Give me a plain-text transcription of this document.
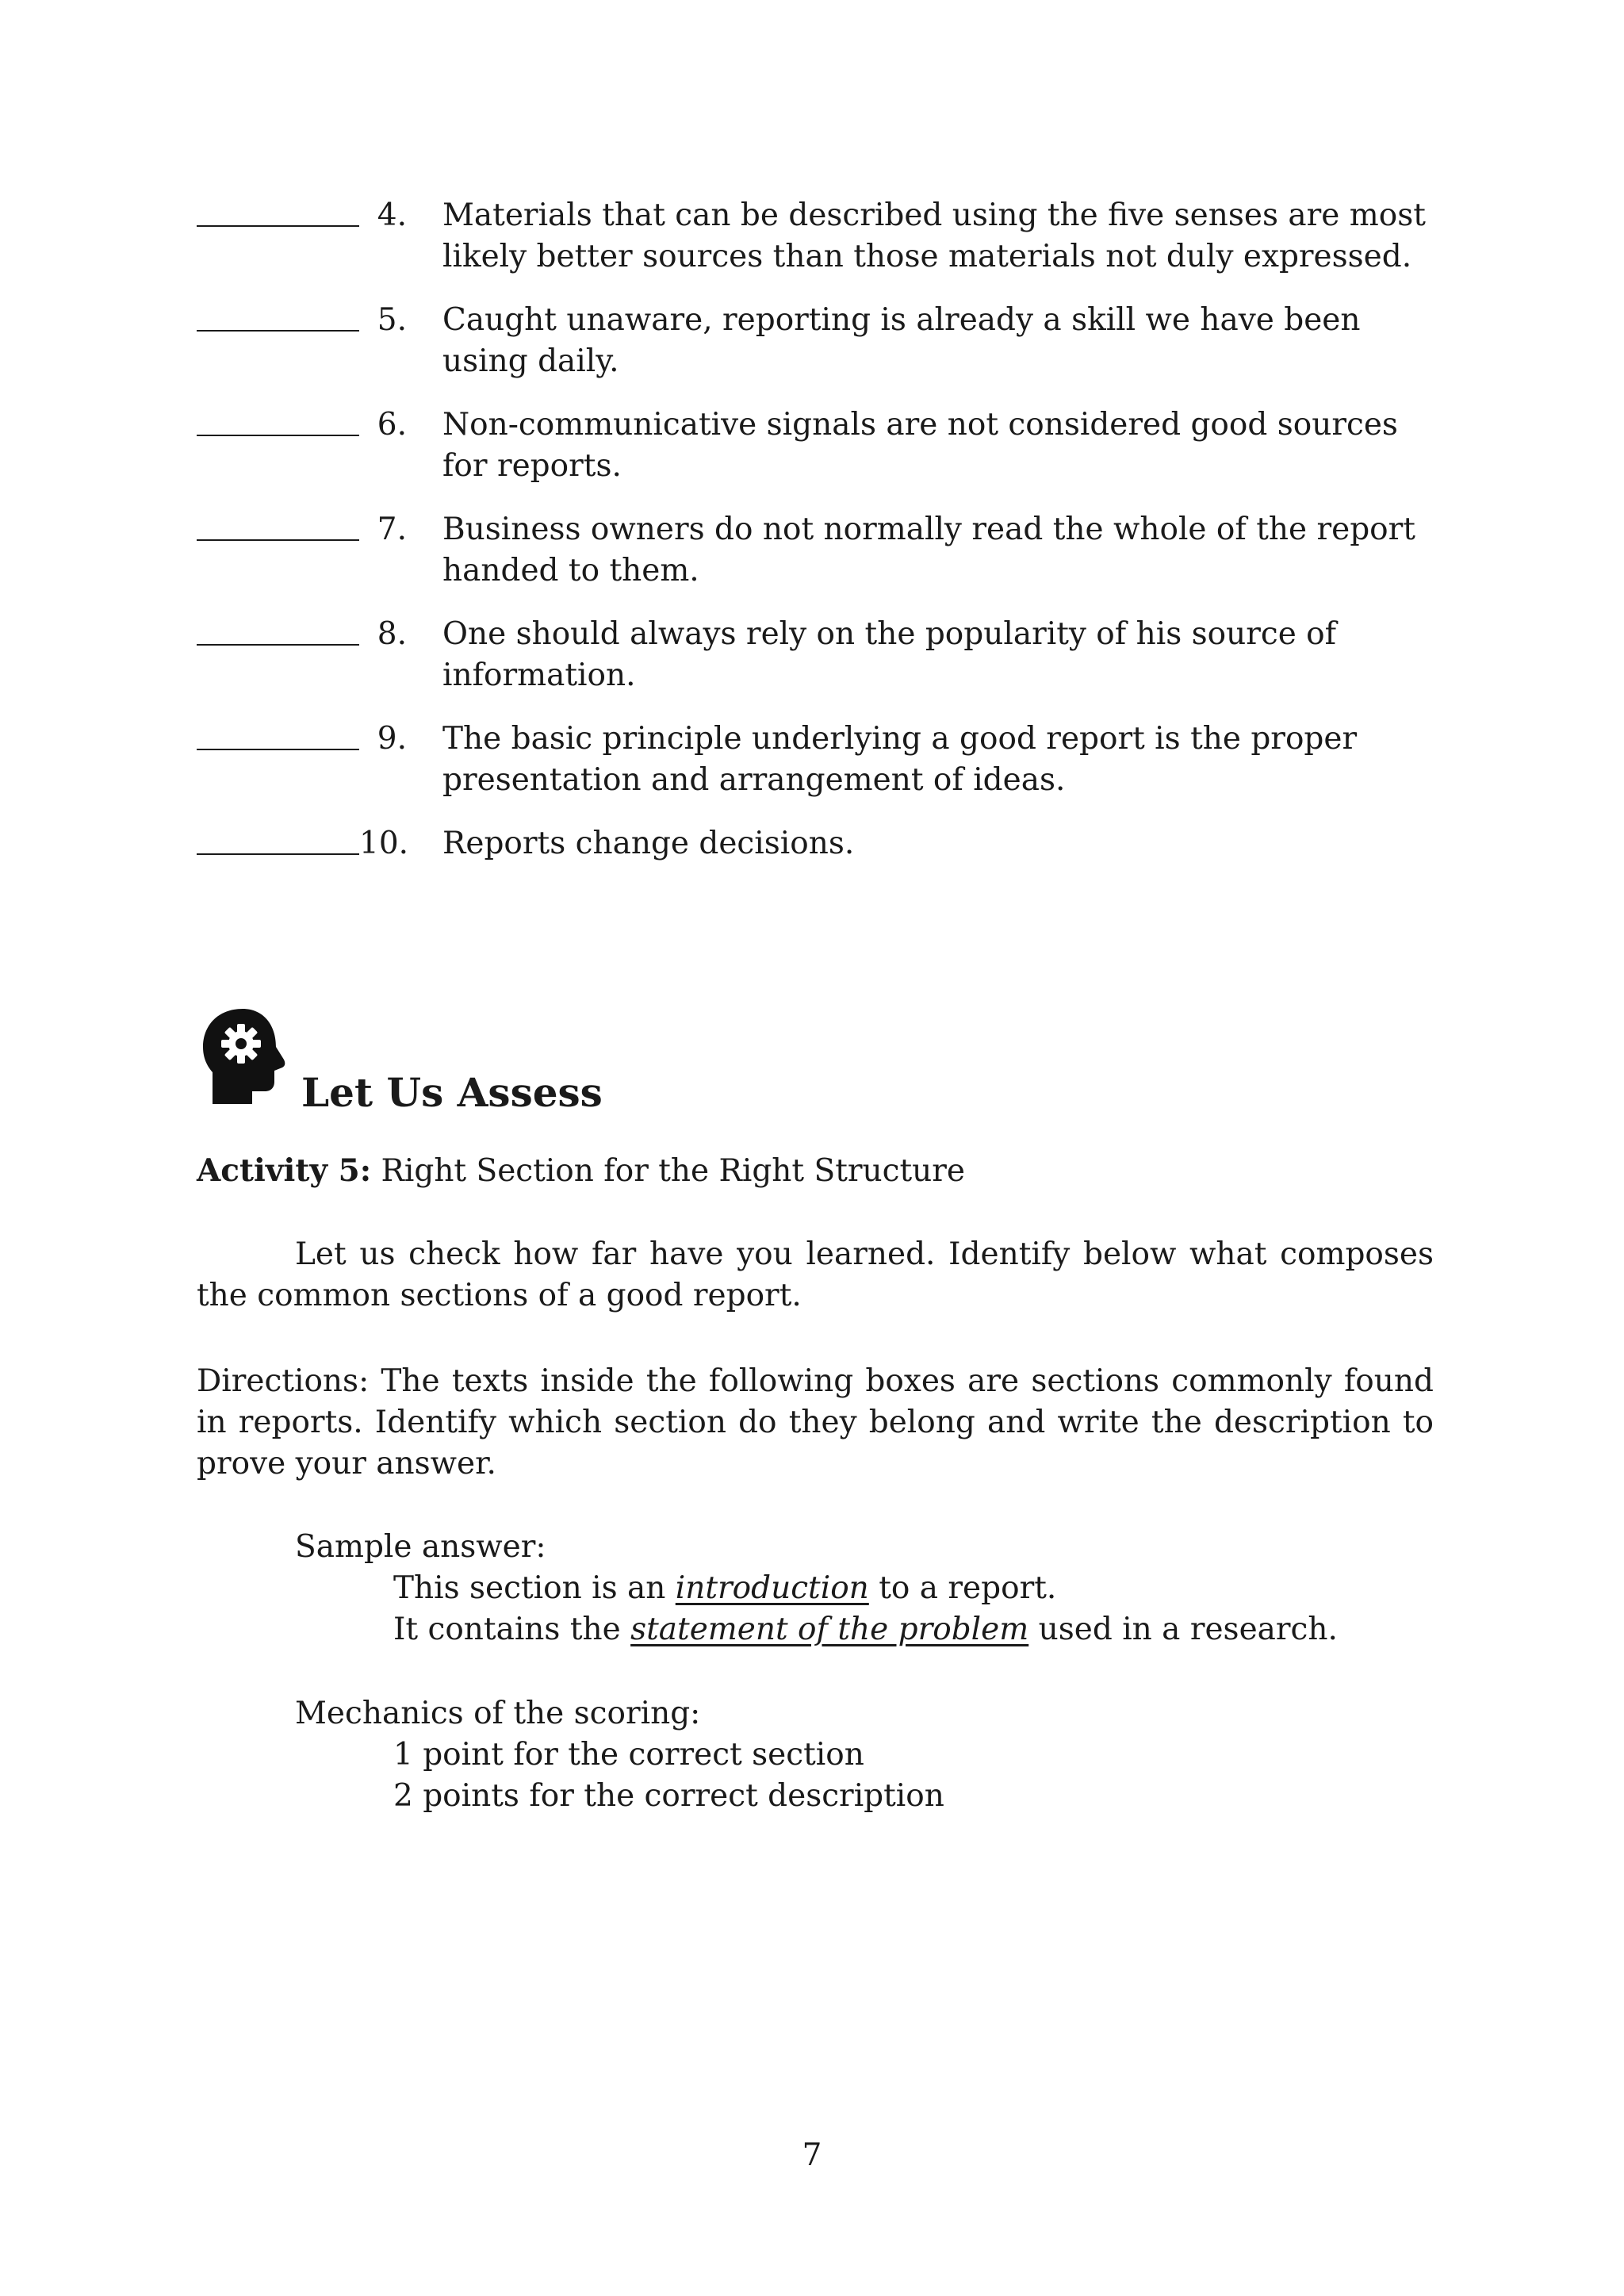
4. Materials that can be described using the five senses are most likely better sources than those materials not duly expressed.
5. Caught unaware, reporting is already a skill we have been using daily.
6. Non-communicative signals are not considered good sources for reports.
7. Business owners do not normally read the whole of the report handed to them.
8. One should always rely on the popularity of his source of information.
9. The basic principle underlying a good report is the proper presentation and arrangement of ideas.
10. Reports change decisions.
Let Us Assess
Activity 5: Right Section for the Right Structure
Let us check how far have you learned. Identify below what composes the common sections of a good report.
Directions: The texts inside the following boxes are sections commonly found in reports. Identify which section do they belong and write the description to prove your answer.
Sample answer:
This section is an introduction to a report.
It contains the statement of the problem used in a research.
Mechanics of the scoring:
1 point for the correct section
2 points for the correct description
7
